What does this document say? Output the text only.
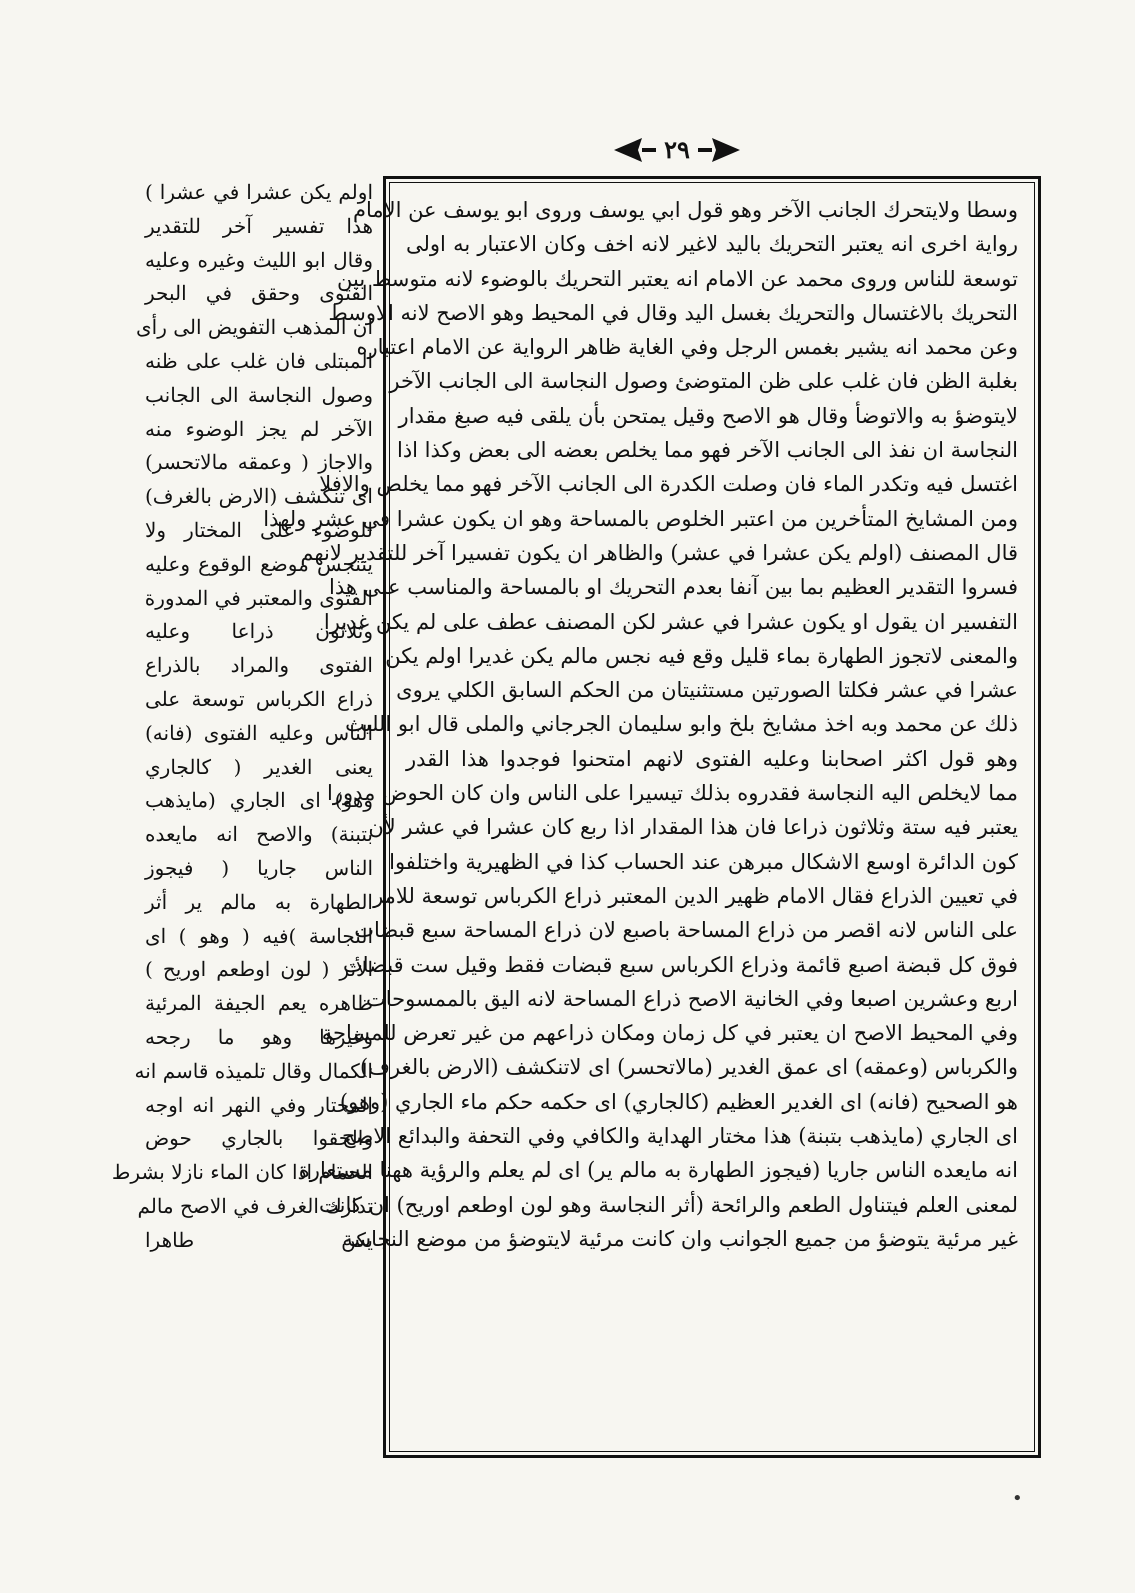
٢٩
وسطا ولايتحرك الجانب الآخر وهو قول ابي يوسف وروى ابو يوسف عن الامام
رواية اخرى انه يعتبر التحريك باليد لاغير لانه اخف وكان الاعتبار به اولى
توسعة للناس وروى محمد عن الامام انه يعتبر التحريك بالوضوء لانه متوسط بين
التحريك بالاغتسال والتحريك بغسل اليد وقال في المحيط وهو الاصح لانه الاوسط
وعن محمد انه يشير بغمس الرجل وفي الغاية ظاهر الرواية عن الامام اعتباره
بغلبة الظن فان غلب على ظن المتوضئ وصول النجاسة الى الجانب الآخر
لايتوضؤ به والاتوضأ وقال هو الاصح وقيل يمتحن بأن يلقى فيه صبغ مقدار
النجاسة ان نفذ الى الجانب الآخر فهو مما يخلص بعضه الى بعض وكذا اذا
اغتسل فيه وتكدر الماء فان وصلت الكدرة الى الجانب الآخر فهو مما يخلص والافلا
ومن المشايخ المتأخرين من اعتبر الخلوص بالمساحة وهو ان يكون عشرا في عشر ولهذا
قال المصنف (اولم يكن عشرا في عشر) والظاهر ان يكون تفسيرا آخر للتقدير لانهم
فسروا التقدير العظيم بما بين آنفا بعدم التحريك او بالمساحة والمناسب على هذا
التفسير ان يقول او يكون عشرا في عشر لكن المصنف عطف على لم يكن غديرا
والمعنى لاتجوز الطهارة بماء قليل وقع فيه نجس مالم يكن غديرا اولم يكن
عشرا في عشر فكلتا الصورتين مستثنيتان من الحكم السابق الكلي يروى
ذلك عن محمد وبه اخذ مشايخ بلخ وابو سليمان الجرجاني والملى قال ابو الليث
وهو قول اكثر اصحابنا وعليه الفتوى لانهم امتحنوا فوجدوا هذا القدر
مما لايخلص اليه النجاسة فقدروه بذلك تيسيرا على الناس وان كان الحوض مدورا
يعتبر فيه ستة وثلاثون ذراعا فان هذا المقدار اذا ربع كان عشرا في عشر لأن
كون الدائرة اوسع الاشكال مبرهن عند الحساب كذا في الظهيرية واختلفوا
في تعيين الذراع فقال الامام ظهير الدين المعتبر ذراع الكرباس توسعة للامر
على الناس لانه اقصر من ذراع المساحة باصبع لان ذراع المساحة سبع قبضات
فوق كل قبضة اصبع قائمة وذراع الكرباس سبع قبضات فقط وقيل ست قبضات
اربع وعشرين اصبعا وفي الخانية الاصح ذراع المساحة لانه اليق بالممسوحات
وفي المحيط الاصح ان يعتبر في كل زمان ومكان ذراعهم من غير تعرض للمساحة
والكرباس (وعمقه) اى عمق الغدير (مالاتحسر) اى لاتنكشف (الارض بالغرف)
هو الصحيح (فانه) اى الغدير العظيم (كالجاري) اى حكمه حكم ماء الجاري (وهو)
اى الجاري (مايذهب بتبنة) هذا مختار الهداية والكافي وفي التحفة والبدائع الاصح
انه مايعده الناس جاريا (فيجوز الطهارة به مالم ير) اى لم يعلم والرؤية ههنا مستعارة
لمعنى العلم فيتناول الطعم والرائحة (أثر النجاسة وهو لون اوطعم اوريح) ان كانت
غير مرئية يتوضؤ من جميع الجوانب وان كانت مرئية لايتوضؤ من موضع النجاسة
اولم يكن عشرا في عشرا )
هذا تفسير آخر للتقدير
وقال ابو الليث وغيره وعليه
الفتوى وحقق في البحر
ان المذهب التفويض الى رأى
المبتلى فان غلب على ظنه
وصول النجاسة الى الجانب
الآخر لم يجز الوضوء منه
والاجاز ( وعمقه مالاتحسر)
اى تنكشف (الارض بالغرف)
للوضوء على المختار ولا
يتنجس موضع الوقوع وعليه
الفتوى والمعتبر في المدورة
وثلاثون ذراعا وعليه
الفتوى والمراد بالذراع
ذراع الكرباس توسعة على
الناس وعليه الفتوى (فانه)
يعنى الغدير ( كالجاري
وهو) اى الجاري (مايذهب
بتبنة) والاصح انه مايعده
الناس جاريا ( فيجوز
الطهارة به مالم ير أثر
النجاسة )فيه ( وهو ) اى
الأثر ( لون اوطعم اوريح )
ظاهره يعم الجيفة المرئية
وغيرها وهو ما رجحه
الكمال وقال تلميذه قاسم انه
المختار وفي النهر انه اوجه
والحقوا بالجاري حوض
الحمام اذا كان الماء نازلا بشرط
تدارك الغرف في الاصح مالم
يكن طاهرا
•
